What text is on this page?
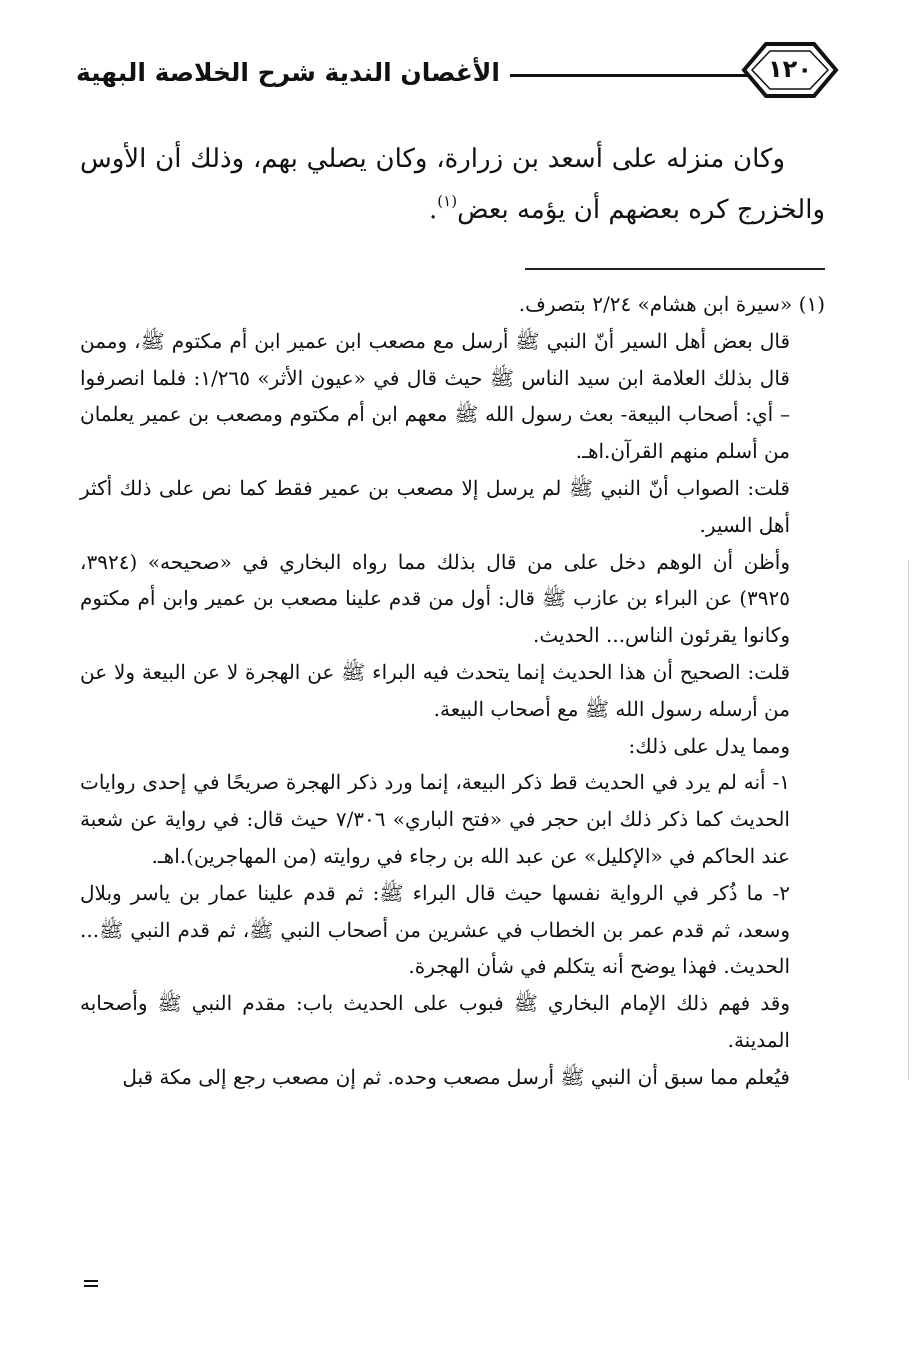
الأغصان الندية شرح الخلاصة البهية	١٢٠

وكان منزله على أسعد بن زرارة، وكان يصلي بهم، وذلك أن الأوس والخزرج كره بعضهم أن يؤمه بعض$^{(١)}$.

(١) «سيرة ابن هشام» ٢/٢٤ بتصرف.

قال بعض أهل السير أنّ النبي ﷺ أرسل مع مصعب ابن عمير ابن أم مكتوم ﷺ، وممن قال بذلك العلامة ابن سيد الناس ﷺ حيث قال في «عيون الأثر» ١/٢٦٥: فلما انصرفوا – أي: أصحاب البيعة- بعث رسول الله ﷺ معهم ابن أم مكتوم ومصعب بن عمير يعلمان من أسلم منهم القرآن.اهـ.

قلت: الصواب أنّ النبي ﷺ لم يرسل إلا مصعب بن عمير فقط كما نص على ذلك أكثر أهل السير.

وأظن أن الوهم دخل على من قال بذلك مما رواه البخاري في «صحيحه» (٣٩٢٤، ٣٩٢٥) عن البراء بن عازب ﷺ قال: أول من قدم علينا مصعب بن عمير وابن أم مكتوم وكانوا يقرئون الناس... الحديث.

قلت: الصحيح أن هذا الحديث إنما يتحدث فيه البراء ﷺ عن الهجرة لا عن البيعة ولا عن من أرسله رسول الله ﷺ مع أصحاب البيعة.

ومما يدل على ذلك:

١- أنه لم يرد في الحديث قط ذكر البيعة، إنما ورد ذكر الهجرة صريحًا في إحدى روايات الحديث كما ذكر ذلك ابن حجر في «فتح الباري» ٧/٣٠٦ حيث قال: في رواية عن شعبة عند الحاكم في «الإكليل» عن عبد الله بن رجاء في روايته (من المهاجرين).اهـ.

٢- ما ذُكر في الرواية نفسها حيث قال البراء ﷺ: ثم قدم علينا عمار بن ياسر وبلال وسعد، ثم قدم عمر بن الخطاب في عشرين من أصحاب النبي ﷺ، ثم قدم النبي ﷺ... الحديث. فهذا يوضح أنه يتكلم في شأن الهجرة.

وقد فهم ذلك الإمام البخاري ﷺ فبوب على الحديث باب: مقدم النبي ﷺ وأصحابه المدينة.

فيُعلم مما سبق أن النبي ﷺ أرسل مصعب وحده. ثم إن مصعب رجع إلى مكة قبل
